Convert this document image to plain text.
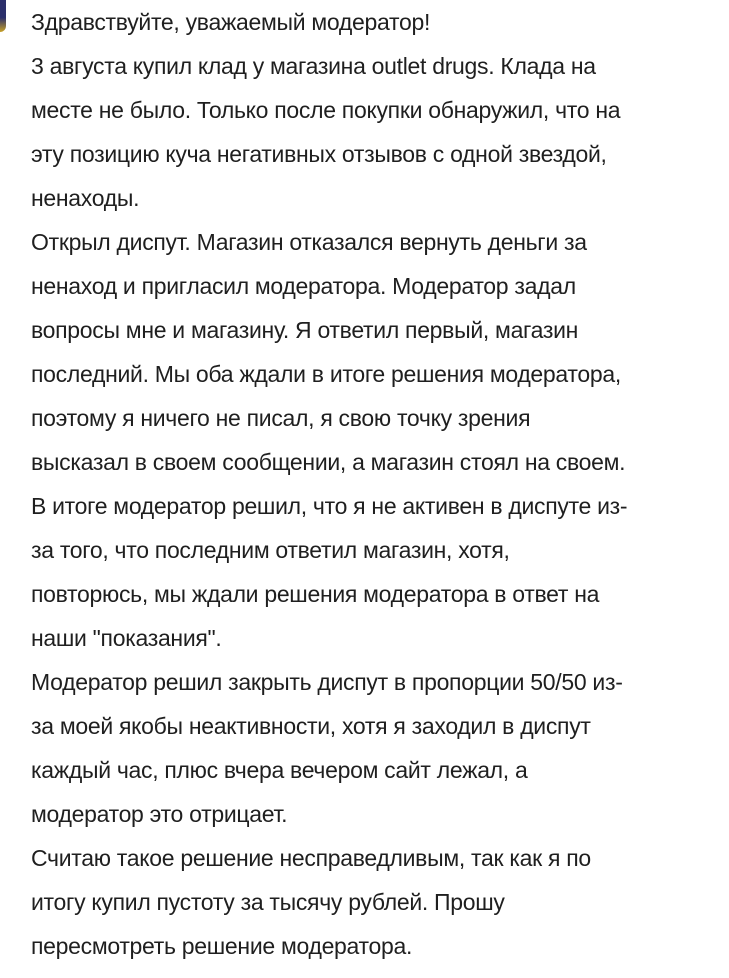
Здравствуйте, уважаемый модератор!
3 августа купил клад у магазина outlet drugs. Клада на
месте не было. Только после покупки обнаружил, что на
эту позицию куча негативных отзывов с одной звездой,
ненаходы.
Открыл диспут. Магазин отказался вернуть деньги за
ненаход и пригласил модератора. Модератор задал
вопросы мне и магазину. Я ответил первый, магазин
последний. Мы оба ждали в итоге решения модератора,
поэтому я ничего не писал, я свою точку зрения
высказал в своем сообщении, а магазин стоял на своем.
В итоге модератор решил, что я не активен в диспуте из-
за того, что последним ответил магазин, хотя,
повторюсь, мы ждали решения модератора в ответ на
наши "показания".
Модератор решил закрыть диспут в пропорции 50/50 из-
за моей якобы неактивности, хотя я заходил в диспут
каждый час, плюс вчера вечером сайт лежал, а
модератор это отрицает.
Считаю такое решение несправедливым, так как я по
итогу купил пустоту за тысячу рублей. Прошу
пересмотреть решение модератора.
